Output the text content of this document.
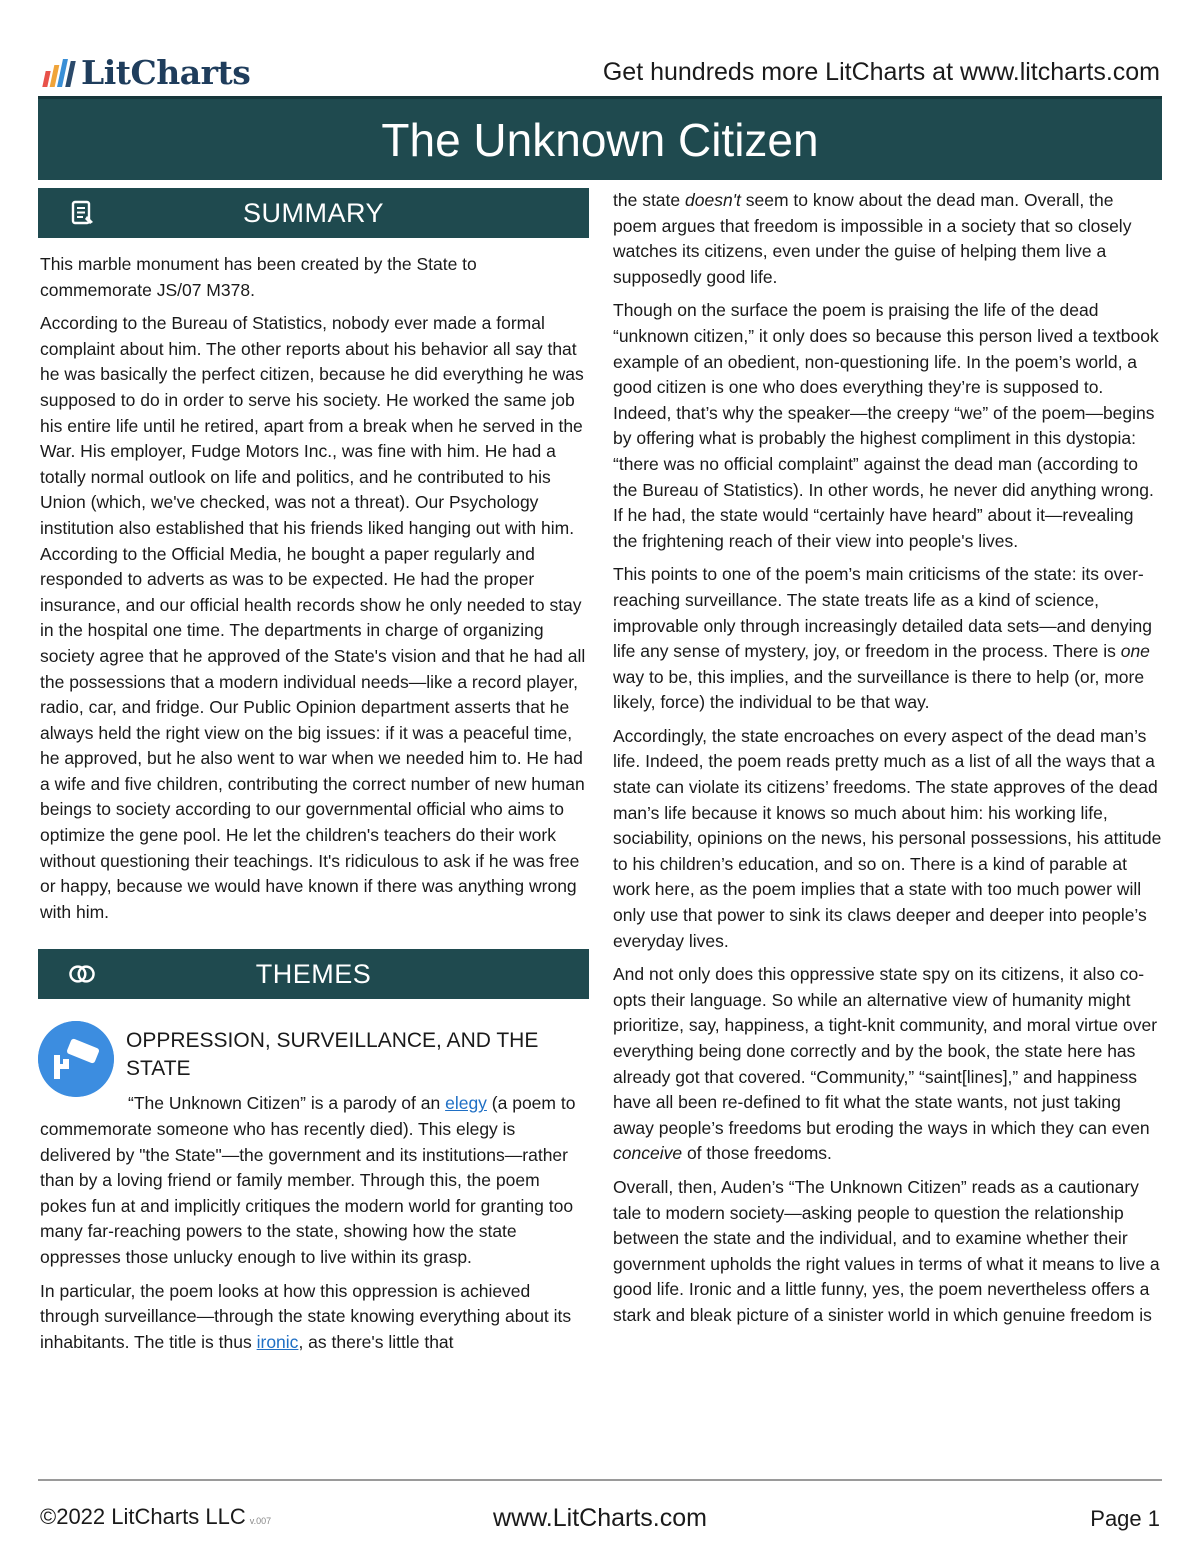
LitCharts	Get hundreds more LitCharts at www.litcharts.com
The Unknown Citizen
SUMMARY

This marble monument has been created by the State to commemorate JS/07 M378.

According to the Bureau of Statistics, nobody ever made a formal complaint about him. The other reports about his behavior all say that he was basically the perfect citizen, because he did everything he was supposed to do in order to serve his society. He worked the same job his entire life until he retired, apart from a break when he served in the War. His employer, Fudge Motors Inc., was fine with him. He had a totally normal outlook on life and politics, and he contributed to his Union (which, we've checked, was not a threat). Our Psychology institution also established that his friends liked hanging out with him. According to the Official Media, he bought a paper regularly and responded to adverts as was to be expected. He had the proper insurance, and our official health records show he only needed to stay in the hospital one time. The departments in charge of organizing society agree that he approved of the State's vision and that he had all the possessions that a modern individual needs—like a record player, radio, car, and fridge. Our Public Opinion department asserts that he always held the right view on the big issues: if it was a peaceful time, he approved, but he also went to war when we needed him to. He had a wife and five children, contributing the correct number of new human beings to society according to our governmental official who aims to optimize the gene pool. He let the children's teachers do their work without questioning their teachings. It's ridiculous to ask if he was free or happy, because we would have known if there was anything wrong with him.

THEMES
OPPRESSION, SURVEILLANCE, AND THE STATE

“The Unknown Citizen” is a parody of an elegy (a poem to commemorate someone who has recently died). This elegy is delivered by "the State"—the government and its institutions—rather than by a loving friend or family member. Through this, the poem pokes fun at and implicitly critiques the modern world for granting too many far-reaching powers to the state, showing how the state oppresses those unlucky enough to live within its grasp.

In particular, the poem looks at how this oppression is achieved through surveillance—through the state knowing everything about its inhabitants. The title is thus ironic, as there's little that

the state doesn't seem to know about the dead man. Overall, the poem argues that freedom is impossible in a society that so closely watches its citizens, even under the guise of helping them live a supposedly good life.

Though on the surface the poem is praising the life of the dead “unknown citizen,” it only does so because this person lived a textbook example of an obedient, non-questioning life. In the poem’s world, a good citizen is one who does everything they’re is supposed to. Indeed, that’s why the speaker—the creepy “we” of the poem—begins by offering what is probably the highest compliment in this dystopia: “there was no official complaint” against the dead man (according to the Bureau of Statistics). In other words, he never did anything wrong. If he had, the state would “certainly have heard” about it—revealing the frightening reach of their view into people's lives.

This points to one of the poem’s main criticisms of the state: its over-reaching surveillance. The state treats life as a kind of science, improvable only through increasingly detailed data sets—and denying life any sense of mystery, joy, or freedom in the process. There is one way to be, this implies, and the surveillance is there to help (or, more likely, force) the individual to be that way.

Accordingly, the state encroaches on every aspect of the dead man’s life. Indeed, the poem reads pretty much as a list of all the ways that a state can violate its citizens’ freedoms. The state approves of the dead man’s life because it knows so much about him: his working life, sociability, opinions on the news, his personal possessions, his attitude to his children’s education, and so on. There is a kind of parable at work here, as the poem implies that a state with too much power will only use that power to sink its claws deeper and deeper into people’s everyday lives.

And not only does this oppressive state spy on its citizens, it also co-opts their language. So while an alternative view of humanity might prioritize, say, happiness, a tight-knit community, and moral virtue over everything being done correctly and by the book, the state here has already got that covered. “Community,” “saint[lines],” and happiness have all been re-defined to fit what the state wants, not just taking away people’s freedoms but eroding the ways in which they can even conceive of those freedoms.

Overall, then, Auden’s “The Unknown Citizen” reads as a cautionary tale to modern society—asking people to question the relationship between the state and the individual, and to examine whether their government upholds the right values in terms of what it means to live a good life. Ironic and a little funny, yes, the poem nevertheless offers a stark and bleak picture of a sinister world in which genuine freedom is

©2022 LitCharts LLC v.007	www.LitCharts.com	Page 1
